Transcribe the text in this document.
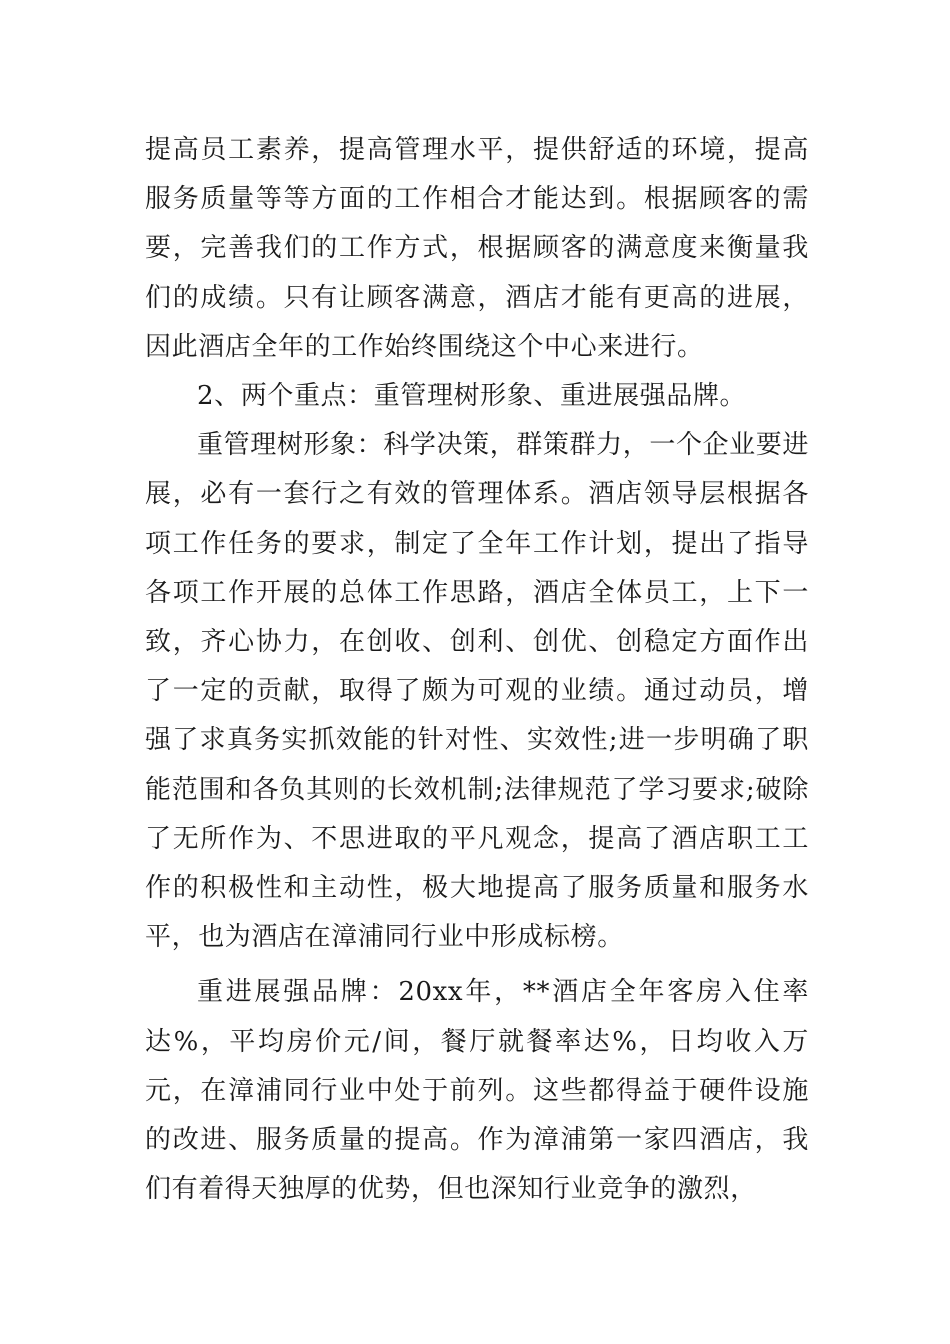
提高员工素养，提高管理水平，提供舒适的环境，提高服务质量等等方面的工作相合才能达到。根据顾客的需要，完善我们的工作方式，根据顾客的满意度来衡量我们的成绩。只有让顾客满意，酒店才能有更高的进展，因此酒店全年的工作始终围绕这个中心来进行。

2、两个重点：重管理树形象、重进展强品牌。

重管理树形象：科学决策，群策群力，一个企业要进展，必有一套行之有效的管理体系。酒店领导层根据各项工作任务的要求，制定了全年工作计划，提出了指导各项工作开展的总体工作思路，酒店全体员工，上下一致，齐心协力，在创收、创利、创优、创稳定方面作出了一定的贡献，取得了颇为可观的业绩。通过动员，增强了求真务实抓效能的针对性、实效性;进一步明确了职能范围和各负其则的长效机制;法律规范了学习要求;破除了无所作为、不思进取的平凡观念，提高了酒店职工工作的积极性和主动性，极大地提高了服务质量和服务水平，也为酒店在漳浦同行业中形成标榜。

重进展强品牌：20xx年，**酒店全年客房入住率达%，平均房价元/间，餐厅就餐率达%，日均收入万元，在漳浦同行业中处于前列。这些都得益于硬件设施的改进、服务质量的提高。作为漳浦第一家四酒店，我们有着得天独厚的优势，但也深知行业竞争的激烈，
